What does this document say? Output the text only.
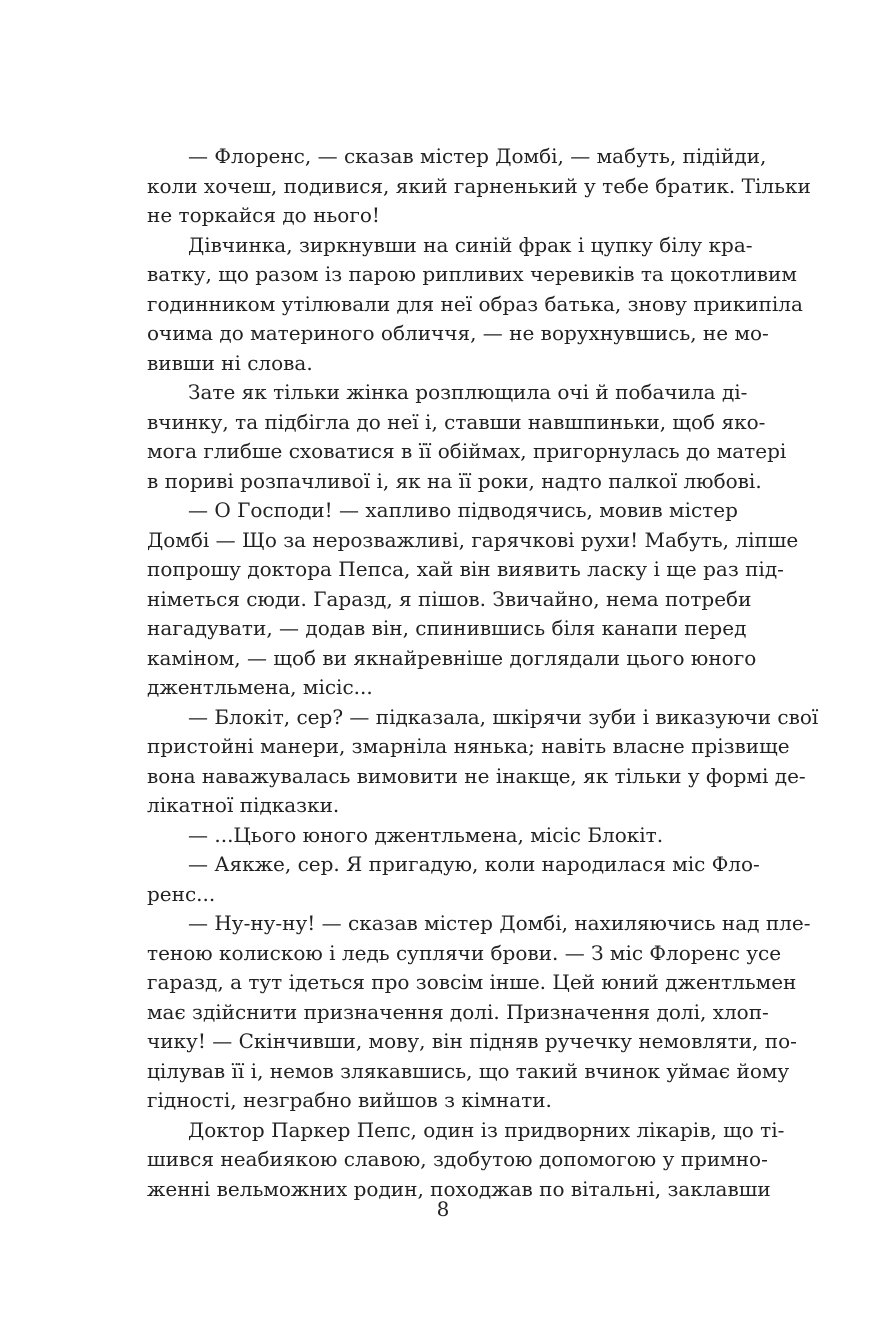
— Флоренс, — сказав містер Домбі, — мабуть, підійди,
коли хочеш, подивися, який гарненький у тебе братик. Тільки
не торкайся до нього!
Дівчинка, зиркнувши на синій фрак і цупку білу кра-
ватку, що разом із парою рипливих черевиків та цокотливим
годинником утілювали для неї образ батька, знову прикипіла
очима до материного обличчя, — не ворухнувшись, не мо-
вивши ні слова.
Зате як тільки жінка розплющила очі й побачила ді-
вчинку, та підбігла до неї і, ставши навшпиньки, щоб яко-
мога глибше сховатися в її обіймах, пригорнулась до матері
в пориві розпачливої і, як на її роки, надто палкої любові.
— О Господи! — хапливо підводячись, мовив містер
Домбі — Що за нерозважливі, гарячкові рухи! Мабуть, ліпше
попрошу доктора Пепса, хай він виявить ласку і ще раз під-
німеться сюди. Гаразд, я пішов. Звичайно, нема потреби
нагадувати, — додав він, спинившись біля канапи перед
каміном, — щоб ви якнайревніше доглядали цього юного
джентльмена, місіс...
— Блокіт, сер? — підказала, шкірячи зуби і виказуючи свої
пристойні манери, змарніла нянька; навіть власне прізвище
вона наважувалась вимовити не інакще, як тільки у формі де-
лікатної підказки.
— ...Цього юного джентльмена, місіс Блокіт.
— Аякже, сер. Я пригадую, коли народилася міс Фло-
ренс...
— Ну-ну-ну! — сказав містер Домбі, нахиляючись над пле-
теною колискою і ледь суплячи брови. — З міс Флоренс усе
гаразд, а тут ідеться про зовсім інше. Цей юний джентльмен
має здійснити призначення долі. Призначення долі, хлоп-
чику! — Скінчивши, мову, він підняв ручечку немовляти, по-
цілував її і, немов злякавшись, що такий вчинок уймає йому
гідності, незграбно вийшов з кімнати.
Доктор Паркер Пепс, один із придворних лікарів, що ті-
шився неабиякою славою, здобутою допомогою у примно-
женні вельможних родин, походжав по вітальні, заклавши
8
